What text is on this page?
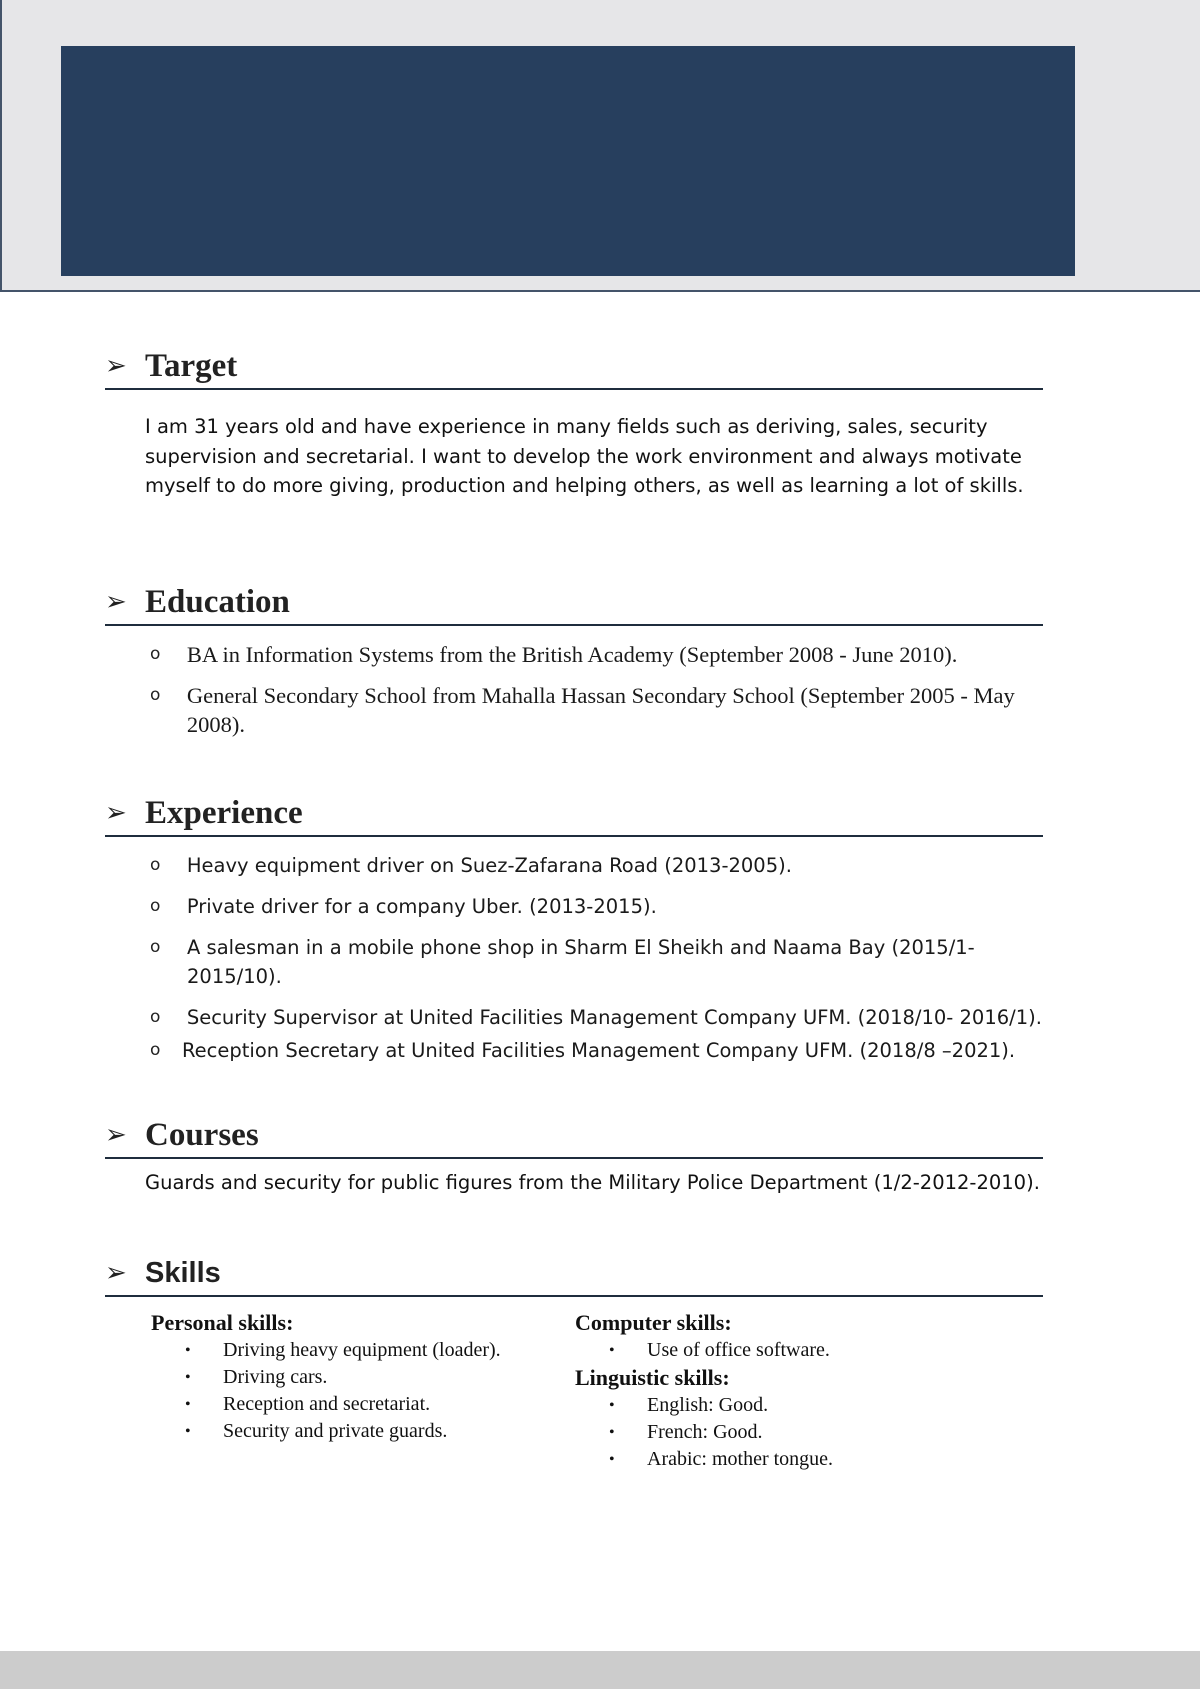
➢ Target
I am 31 years old and have experience in many fields such as deriving, sales, security supervision and secretarial. I want to develop the work environment and always motivate myself to do more giving, production and helping others, as well as learning a lot of skills.
➢ Education
o	BA in Information Systems from the British Academy (September 2008 - June 2010).
o	General Secondary School from Mahalla Hassan Secondary School (September 2005 - May 2008).
➢ Experience
o	Heavy equipment driver on Suez-Zafarana Road (2013-2005).
o	Private driver for a company Uber. (2013-2015).
o	A salesman in a mobile phone shop in Sharm El Sheikh and Naama Bay (2015/1-2015/10).
o	Security Supervisor at United Facilities Management Company UFM. (2018/10- 2016/1).
o	Reception Secretary at United Facilities Management Company UFM. (2018/8 –2021).
➢ Courses
Guards and security for public figures from the Military Police Department (1/2-2012-2010).
➢ Skills
Personal skills:
•	Driving heavy equipment (loader).
•	Driving cars.
•	Reception and secretariat.
•	Security and private guards.
Computer skills:
•	Use of office software.
Linguistic skills:
•	English: Good.
•	French: Good.
•	Arabic: mother tongue.
